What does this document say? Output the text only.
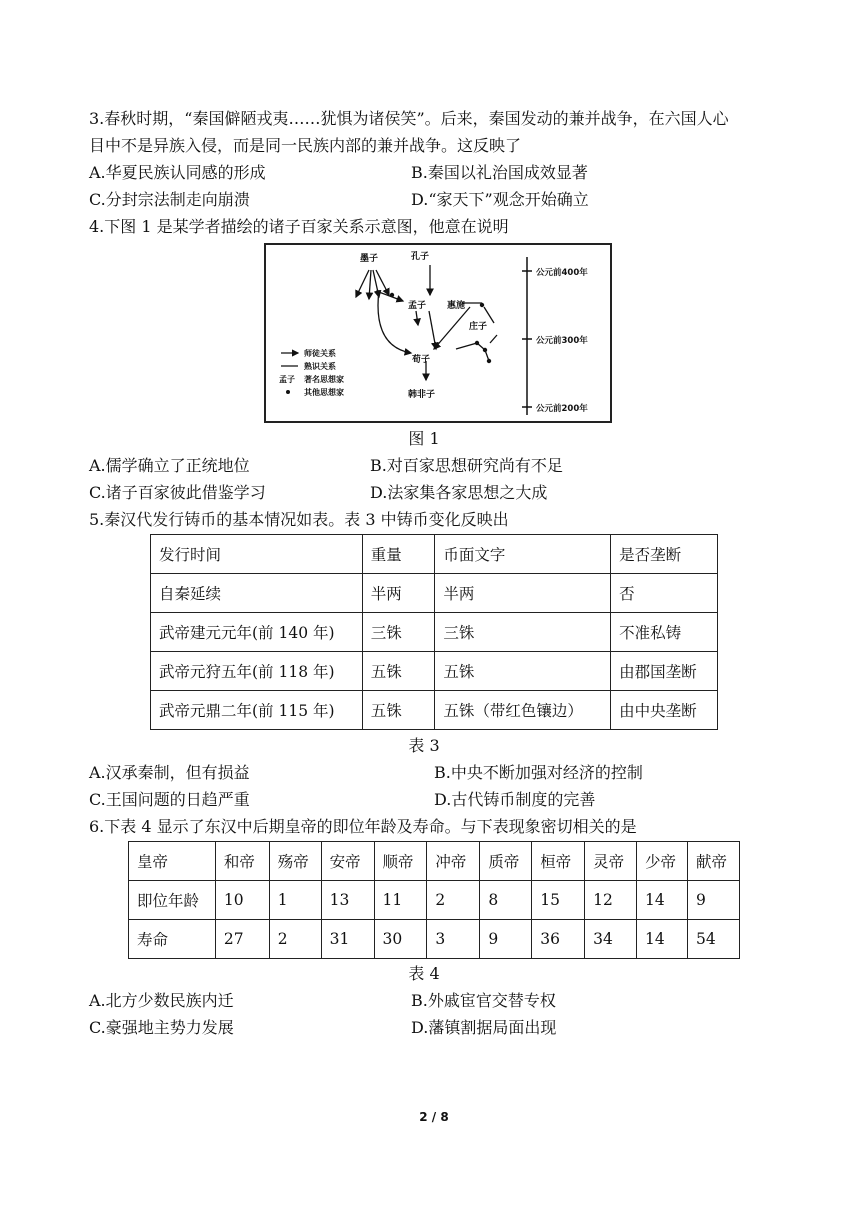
3.春秋时期，“秦国僻陋戎夷……犹惧为诸侯笑”。后来，秦国发动的兼并战争，在六国人心
目中不是异族入侵，而是同一民族内部的兼并战争。这反映了
A.华夏民族认同感的形成	B.秦国以礼治国成效显著
C.分封宗法制走向崩溃	D.“家天下”观念开始确立
4.下图 1 是某学者描绘的诸子百家关系示意图，他意在说明
墨子	孔子
孟子 惠施
庄子
荀子
韩非子
师徒关系
熟识关系
孟子 著名思想家
其他思想家
公元前400年
公元前300年
公元前200年
图 1
A.儒学确立了正统地位	B.对百家思想研究尚有不足
C.诸子百家彼此借鉴学习	D.法家集各家思想之大成
5.秦汉代发行铸币的基本情况如表。表 3 中铸币变化反映出
发行时间	重量	币面文字	是否垄断
自秦延续	半两	半两	否
武帝建元元年(前 140 年)	三铢	三铢	不准私铸
武帝元狩五年(前 118 年)	五铢	五铢	由郡国垄断
武帝元鼎二年(前 115 年)	五铢	五铢（带红色镶边）	由中央垄断
表 3
A.汉承秦制，但有损益	B.中央不断加强对经济的控制
C.王国问题的日趋严重	D.古代铸币制度的完善
6.下表 4 显示了东汉中后期皇帝的即位年龄及寿命。与下表现象密切相关的是
皇帝	和帝	殇帝	安帝	顺帝	冲帝	质帝	桓帝	灵帝	少帝	献帝
即位年龄	10	1	13	11	2	8	15	12	14	9
寿命	27	2	31	30	3	9	36	34	14	54
表 4
A.北方少数民族内迁	B.外戚宦官交替专权
C.豪强地主势力发展	D.藩镇割据局面出现
2 / 8
